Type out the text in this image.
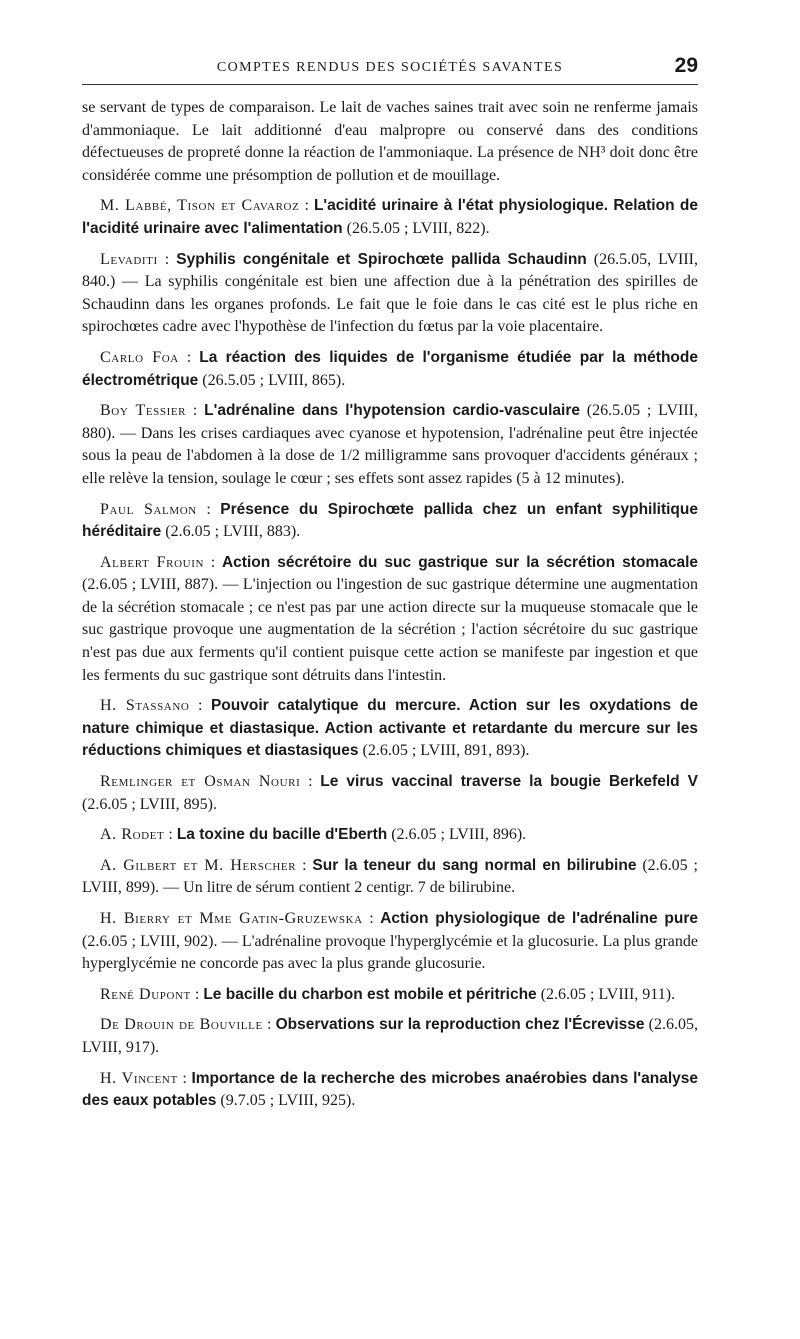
COMPTES RENDUS DES SOCIÉTÉS SAVANTES	29

se servant de types de comparaison. Le lait de vaches saines trait avec soin ne renferme jamais d'ammoniaque. Le lait additionné d'eau malpropre ou conservé dans des conditions défectueuses de propreté donne la réaction de l'ammoniaque. La présence de NH³ doit donc être considérée comme une présomption de pollution et de mouillage.

M. Labbé, Tison et Cavaroz : L'acidité urinaire à l'état physiologique. Relation de l'acidité urinaire avec l'alimentation (26.5.05 ; LVIII, 822).

Levaditi : Syphilis congénitale et Spirochœte pallida Schaudinn (26.5.05, LVIII, 840.) — La syphilis congénitale est bien une affection due à la pénétration des spirilles de Schaudinn dans les organes profonds. Le fait que le foie dans le cas cité est le plus riche en spirochœtes cadre avec l'hypothèse de l'infection du fœtus par la voie placentaire.

Carlo Foa : La réaction des liquides de l'organisme étudiée par la méthode électrométrique (26.5.05 ; LVIII, 865).

Boy Tessier : L'adrénaline dans l'hypotension cardio-vasculaire (26.5.05 ; LVIII, 880). — Dans les crises cardiaques avec cyanose et hypotension, l'adrénaline peut être injectée sous la peau de l'abdomen à la dose de 1/2 milligramme sans provoquer d'accidents généraux ; elle relève la tension, soulage le cœur ; ses effets sont assez rapides (5 à 12 minutes).

Paul Salmon : Présence du Spirochœte pallida chez un enfant syphilitique héréditaire (2.6.05 ; LVIII, 883).

Albert Frouin : Action sécrétoire du suc gastrique sur la sécrétion stomacale (2.6.05 ; LVIII, 887). — L'injection ou l'ingestion de suc gastrique détermine une augmentation de la sécrétion stomacale ; ce n'est pas par une action directe sur la muqueuse stomacale que le suc gastrique provoque une augmentation de la sécrétion ; l'action sécrétoire du suc gastrique n'est pas due aux ferments qu'il contient puisque cette action se manifeste par ingestion et que les ferments du suc gastrique sont détruits dans l'intestin.

H. Stassano : Pouvoir catalytique du mercure. Action sur les oxydations de nature chimique et diastasique. Action activante et retardante du mercure sur les réductions chimiques et diastasiques (2.6.05 ; LVIII, 891, 893).

Remlinger et Osman Nouri : Le virus vaccinal traverse la bougie Berkefeld V (2.6.05 ; LVIII, 895).

A. Rodet : La toxine du bacille d'Eberth (2.6.05 ; LVIII, 896).

A. Gilbert et M. Herscher : Sur la teneur du sang normal en bilirubine (2.6.05 ; LVIII, 899). — Un litre de sérum contient 2 centigr. 7 de bilirubine.

H. Bierry et Mme Gatin-Gruzewska : Action physiologique de l'adrénaline pure (2.6.05 ; LVIII, 902). — L'adrénaline provoque l'hyperglycémie et la glucosurie. La plus grande hyperglycémie ne concorde pas avec la plus grande glucosurie.

René Dupont : Le bacille du charbon est mobile et péritriche (2.6.05 ; LVIII, 911).

De Drouin de Bouville : Observations sur la reproduction chez l'Écrevisse (2.6.05, LVIII, 917).

H. Vincent : Importance de la recherche des microbes anaérobies dans l'analyse des eaux potables (9.7.05 ; LVIII, 925).
